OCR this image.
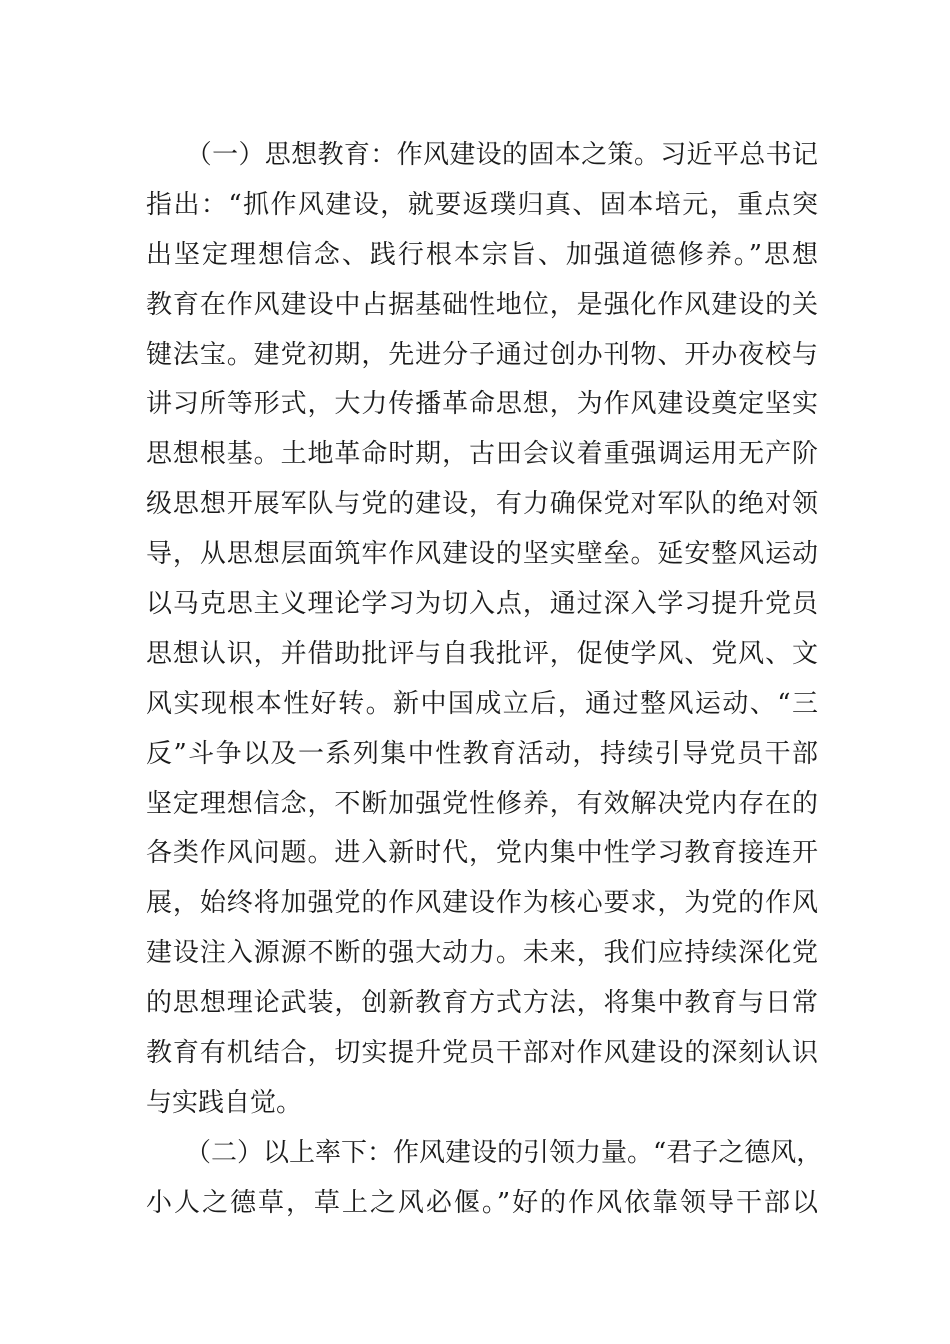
　　（一）思想教育：作风建设的固本之策。习近平总书记
指出：“抓作风建设，就要返璞归真、固本培元，重点突
出坚定理想信念、践行根本宗旨、加强道德修养。”思想
教育在作风建设中占据基础性地位，是强化作风建设的关
键法宝。建党初期，先进分子通过创办刊物、开办夜校与
讲习所等形式，大力传播革命思想，为作风建设奠定坚实
思想根基。土地革命时期，古田会议着重强调运用无产阶
级思想开展军队与党的建设，有力确保党对军队的绝对领
导，从思想层面筑牢作风建设的坚实壁垒。延安整风运动
以马克思主义理论学习为切入点，通过深入学习提升党员
思想认识，并借助批评与自我批评，促使学风、党风、文
风实现根本性好转。新中国成立后，通过整风运动、“三
反”斗争以及一系列集中性教育活动，持续引导党员干部
坚定理想信念，不断加强党性修养，有效解决党内存在的
各类作风问题。进入新时代，党内集中性学习教育接连开
展，始终将加强党的作风建设作为核心要求，为党的作风
建设注入源源不断的强大动力。未来，我们应持续深化党
的思想理论武装，创新教育方式方法，将集中教育与日常
教育有机结合，切实提升党员干部对作风建设的深刻认识
与实践自觉。
　　（二）以上率下：作风建设的引领力量。“君子之德风，
小人之德草，草上之风必偃。”好的作风依靠领导干部以
